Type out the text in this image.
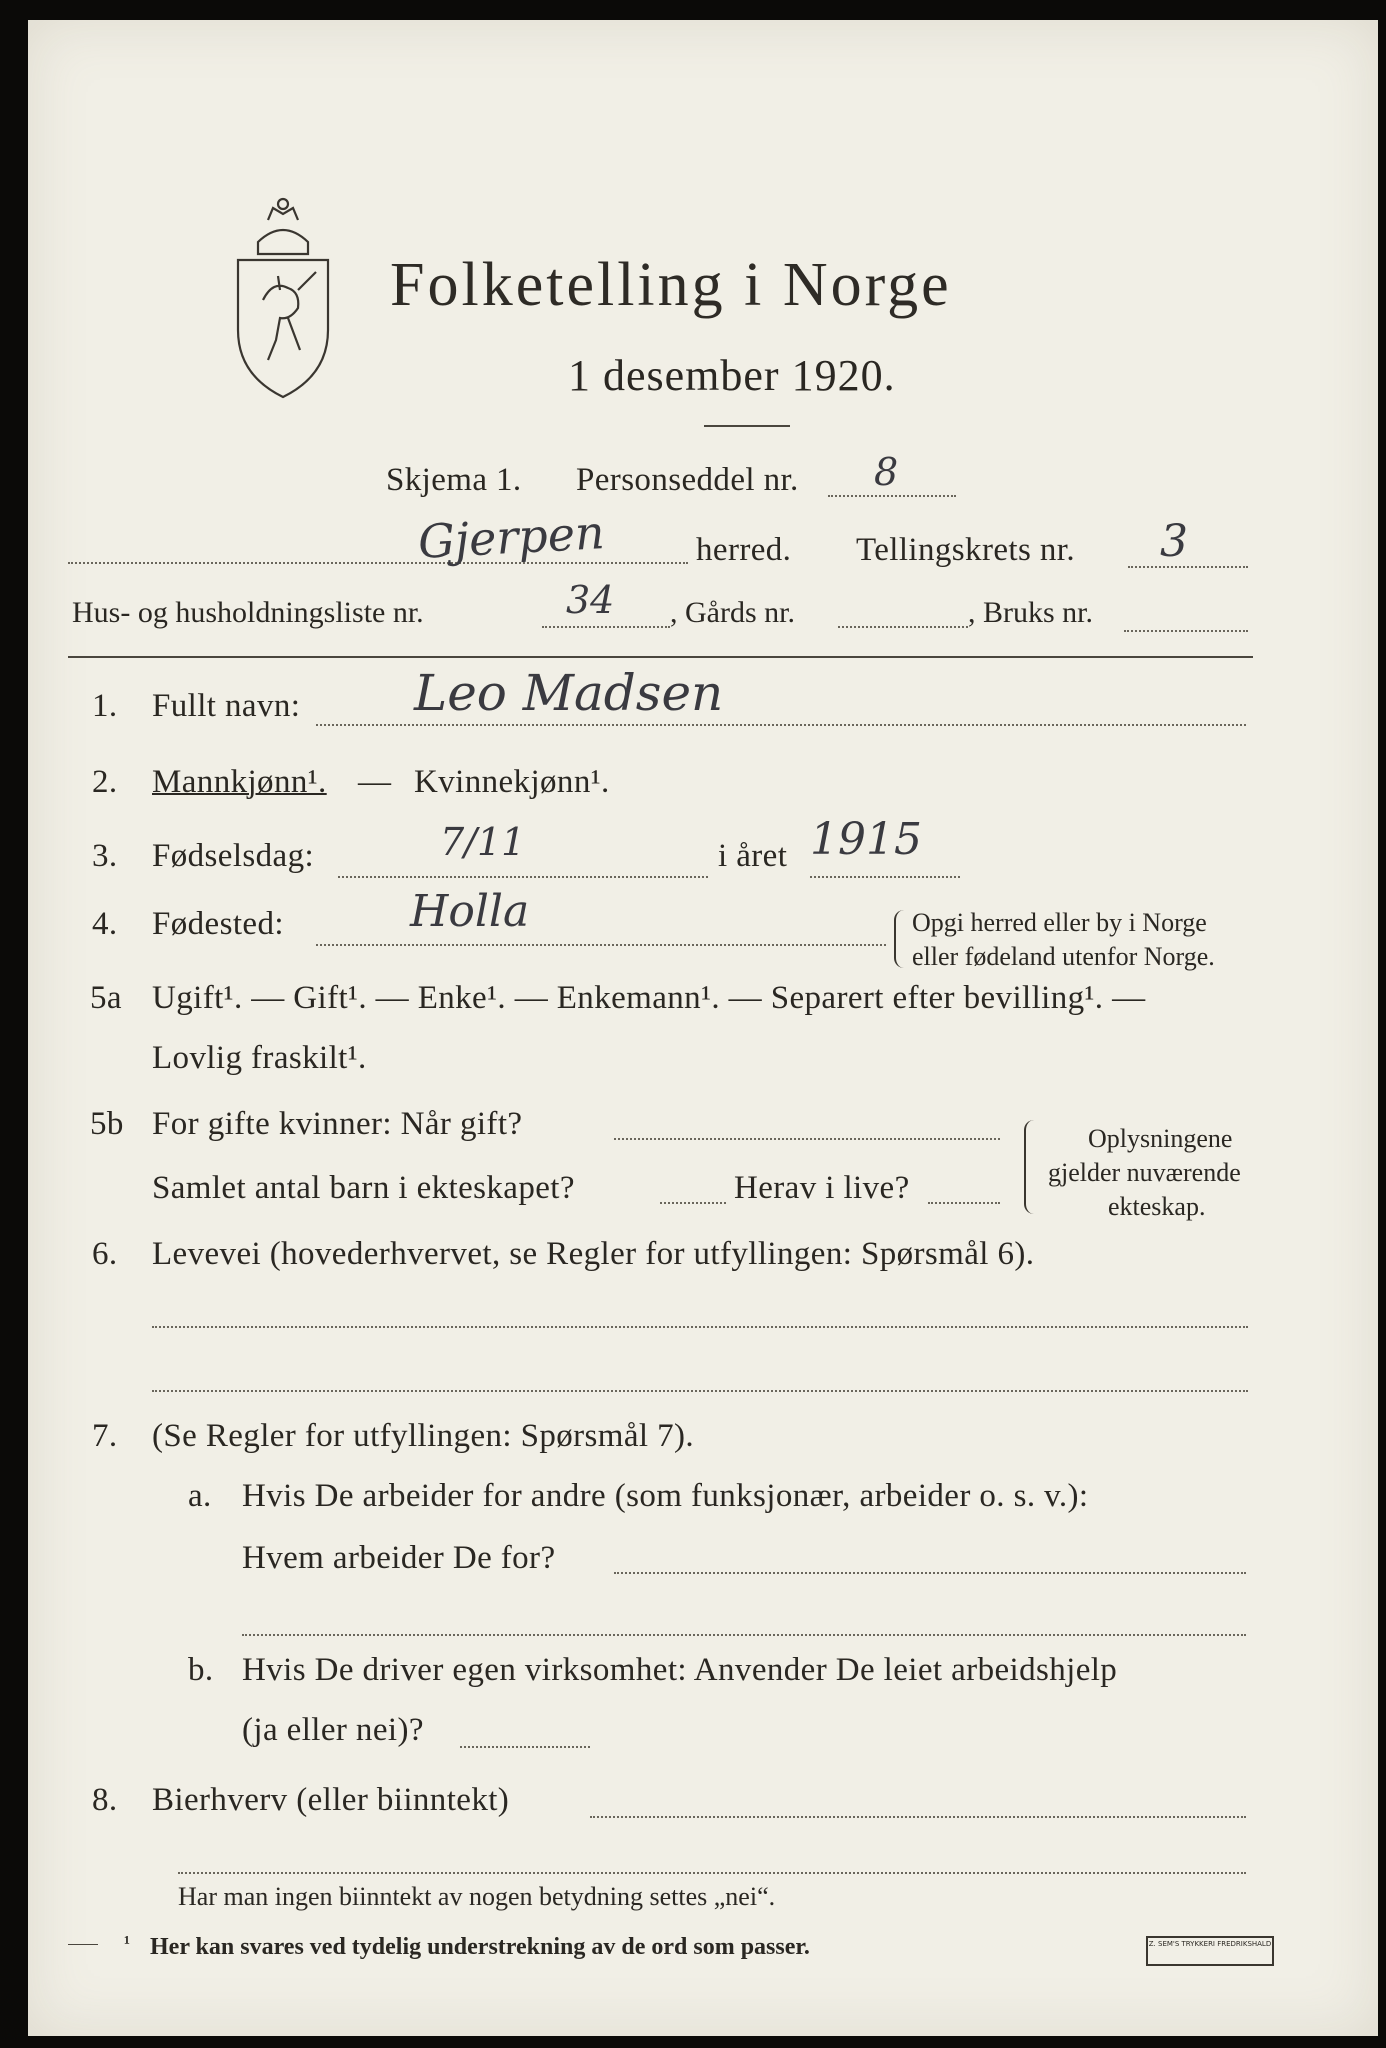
Folketelling i Norge
1 desember 1920.
Skjema 1. Personseddel nr. 8
Gjerpen	herred. Tellingskrets nr. 3
Hus- og husholdningsliste nr.	34 , Gårds nr.	, Bruks nr.
1. Fullt navn: Leo Madsen
2. Mannkjønn¹. — Kvinnekjønn¹.
3. Fødselsdag:	7/11	i året 1915
4. Fødested:	Holla	Opgi herred eller by i Norge
eller fødeland utenfor Norge.
5a Ugift¹. — Gift¹. — Enke¹. — Enkemann¹. — Separert efter bevilling¹. —
Lovlig fraskilt¹.
5b For gifte kvinner: Når gift?
Samlet antal barn i ekteskapet?	Herav i live?
Oplysningene
gjelder nuværende
ekteskap.
6. Levevei (hovederhvervet, se Regler for utfyllingen: Spørsmål 6).
7. (Se Regler for utfyllingen: Spørsmål 7).
a. Hvis De arbeider for andre (som funksjonær, arbeider o. s. v.):
Hvem arbeider De for?
b. Hvis De driver egen virksomhet: Anvender De leiet arbeidshjelp
(ja eller nei)?
8. Bierhverv (eller biinntekt)
Har man ingen biinntekt av nogen betydning settes „nei“.
¹ Her kan svares ved tydelig understrekning av de ord som passer.	Z. SEM'S TRYKKERI FREDRIKSHALD
